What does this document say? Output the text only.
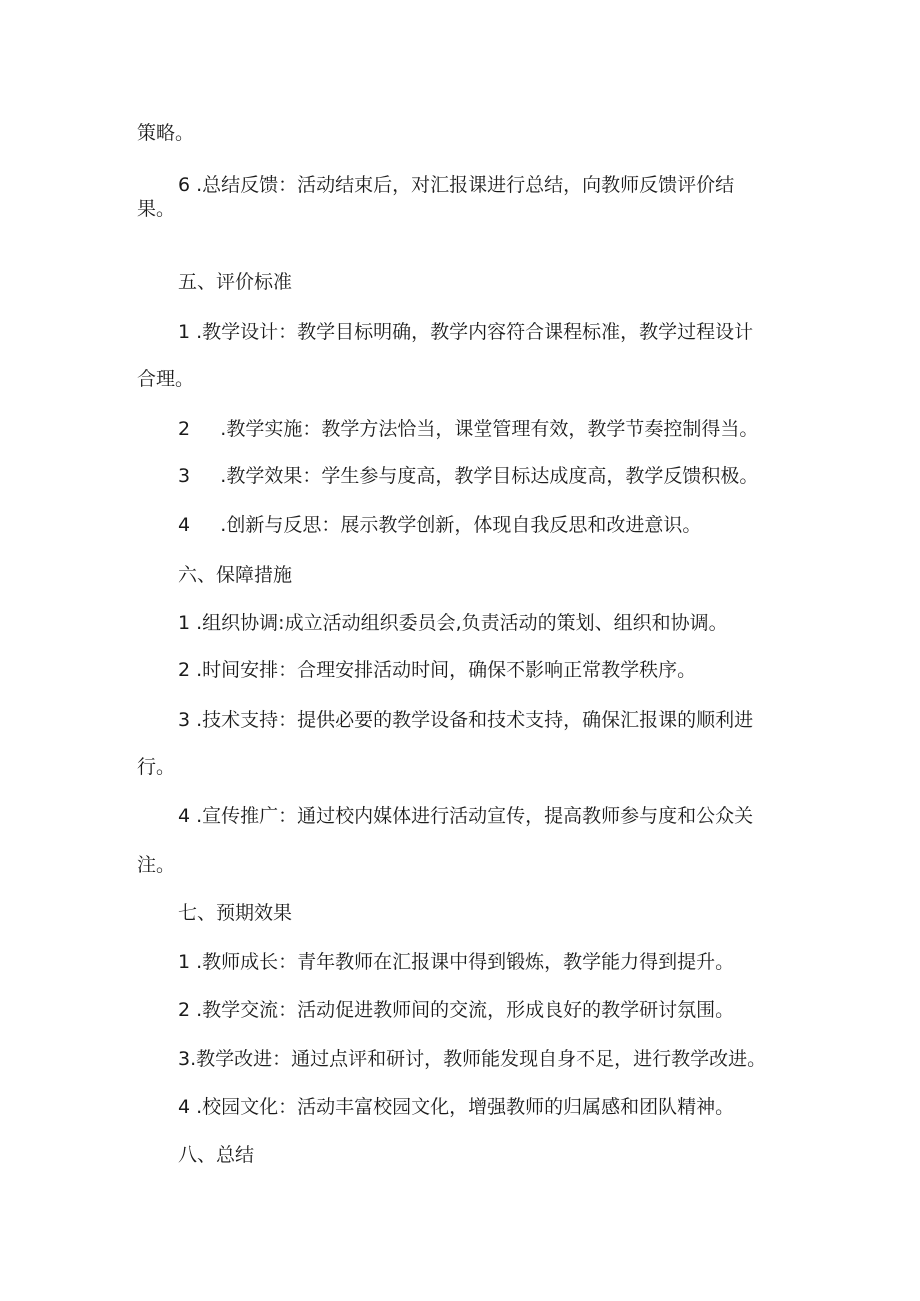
策略。

6 .总结反馈：活动结束后，对汇报课进行总结，向教师反馈评价结

果。

五、评价标准

1 .教学设计：教学目标明确，教学内容符合课程标准，教学过程设计

合理。

2 .教学实施：教学方法恰当，课堂管理有效，教学节奏控制得当。

3 .教学效果：学生参与度高，教学目标达成度高，教学反馈积极。

4 .创新与反思：展示教学创新，体现自我反思和改进意识。

六、保障措施

1 .组织协调:成立活动组织委员会,负责活动的策划、组织和协调。

2 .时间安排：合理安排活动时间，确保不影响正常教学秩序。

3 .技术支持：提供必要的教学设备和技术支持，确保汇报课的顺利进

行。

4 .宣传推广：通过校内媒体进行活动宣传，提高教师参与度和公众关

注。

七、预期效果

1 .教师成长：青年教师在汇报课中得到锻炼，教学能力得到提升。

2 .教学交流：活动促进教师间的交流，形成良好的教学研讨氛围。

3.教学改进：通过点评和研讨，教师能发现自身不足，进行教学改进。

4 .校园文化：活动丰富校园文化，增强教师的归属感和团队精神。

八、总结
